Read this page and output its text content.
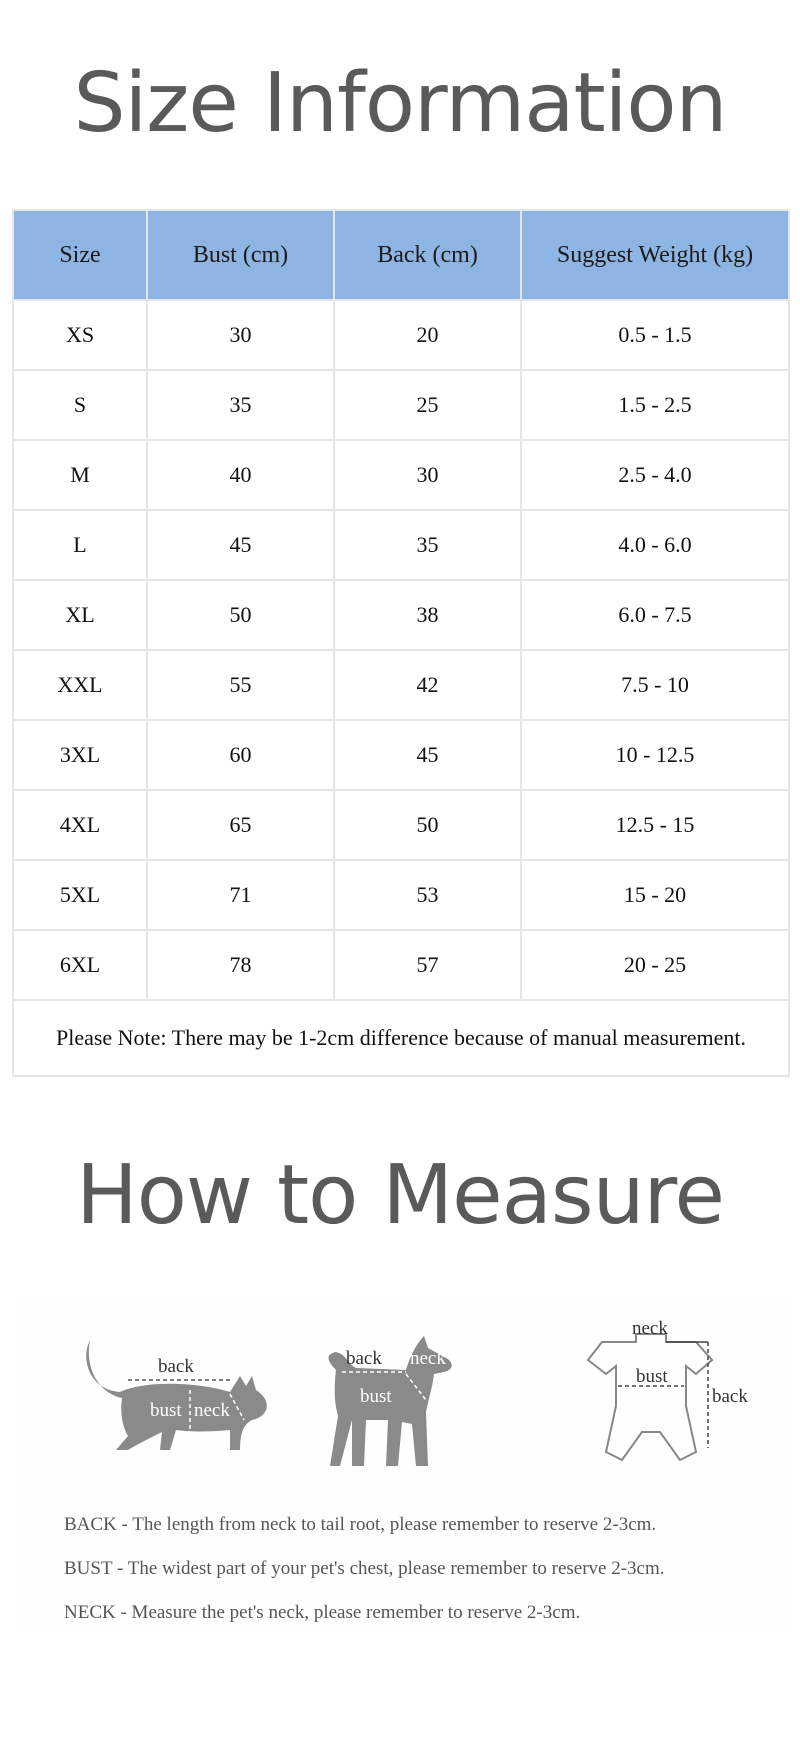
Size Information
Size	Bust (cm)	Back (cm)	Suggest Weight (kg)
XS	30	20	0.5 - 1.5
S	35	25	1.5 - 2.5
M	40	30	2.5 - 4.0
L	45	35	4.0 - 6.0
XL	50	38	6.0 - 7.5
XXL	55	42	7.5 - 10
3XL	60	45	10 - 12.5
4XL	65	50	12.5 - 15
5XL	71	53	15 - 20
6XL	78	57	20 - 25
Please Note: There may be 1-2cm difference because of manual measurement.			
How to Measure
back
bust neck
back neck
bust
neck
bust
back

BACK - The length from neck to tail root, please remember to reserve 2-3cm.

BUST - The widest part of your pet's chest, please remember to reserve 2-3cm.

NECK - Measure the pet's neck, please remember to reserve 2-3cm.
